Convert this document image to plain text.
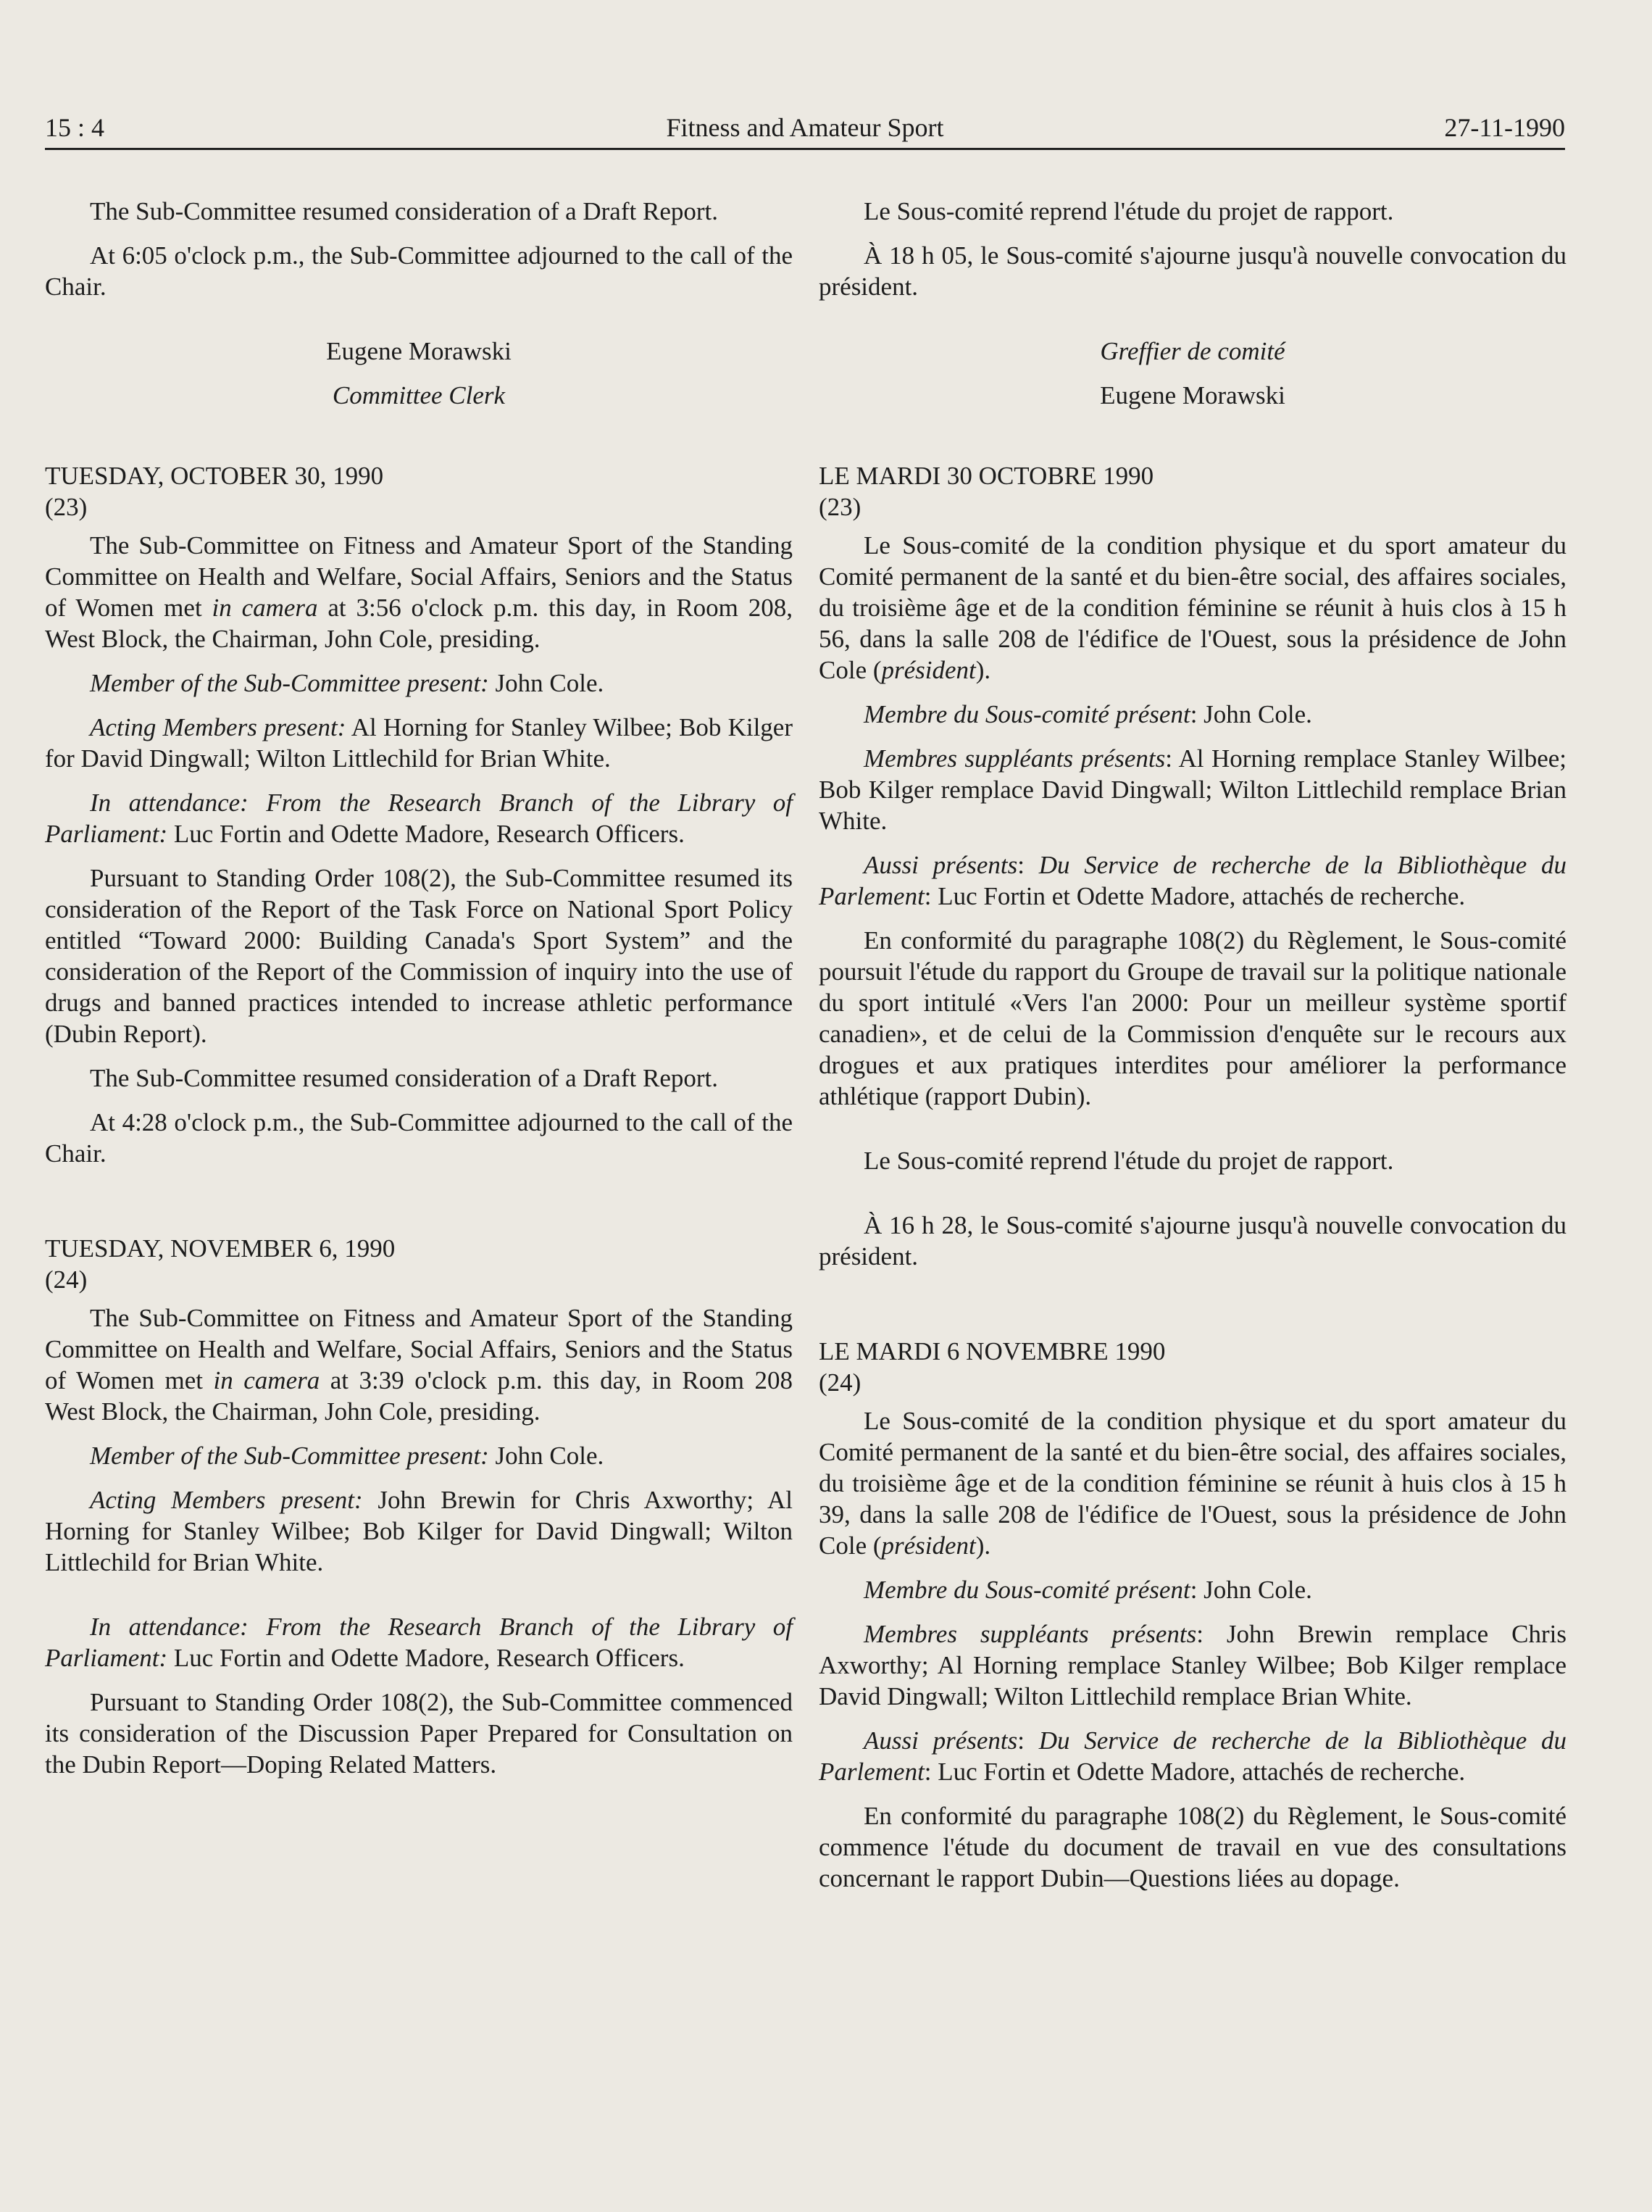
15 : 4	Fitness and Amateur Sport	27-11-1990

The Sub-Committee resumed consideration of a Draft Report.

At 6:05 o'clock p.m., the Sub-Committee adjourned to the call of the Chair.

Eugene Morawski

Committee Clerk

TUESDAY, OCTOBER 30, 1990

(23)

The Sub-Committee on Fitness and Amateur Sport of the Standing Committee on Health and Welfare, Social Affairs, Seniors and the Status of Women met in camera at 3:56 o'clock p.m. this day, in Room 208, West Block, the Chairman, John Cole, presiding.

Member of the Sub-Committee present: John Cole.

Acting Members present: Al Horning for Stanley Wilbee; Bob Kilger for David Dingwall; Wilton Littlechild for Brian White.

In attendance: From the Research Branch of the Library of Parliament: Luc Fortin and Odette Madore, Research Officers.

Pursuant to Standing Order 108(2), the Sub-Committee resumed its consideration of the Report of the Task Force on National Sport Policy entitled “Toward 2000: Building Canada's Sport System” and the consideration of the Report of the Commission of inquiry into the use of drugs and banned practices intended to increase athletic performance (Dubin Report).

The Sub-Committee resumed consideration of a Draft Report.

At 4:28 o'clock p.m., the Sub-Committee adjourned to the call of the Chair.

TUESDAY, NOVEMBER 6, 1990

(24)

The Sub-Committee on Fitness and Amateur Sport of the Standing Committee on Health and Welfare, Social Affairs, Seniors and the Status of Women met in camera at 3:39 o'clock p.m. this day, in Room 208 West Block, the Chairman, John Cole, presiding.

Member of the Sub-Committee present: John Cole.

Acting Members present: John Brewin for Chris Axworthy; Al Horning for Stanley Wilbee; Bob Kilger for David Dingwall; Wilton Littlechild for Brian White.

In attendance: From the Research Branch of the Library of Parliament: Luc Fortin and Odette Madore, Research Officers.

Pursuant to Standing Order 108(2), the Sub-Committee commenced its consideration of the Discussion Paper Prepared for Consultation on the Dubin Report—Doping Related Matters.

Le Sous-comité reprend l'étude du projet de rapport.

À 18 h 05, le Sous-comité s'ajourne jusqu'à nouvelle convocation du président.

Greffier de comité

Eugene Morawski

LE MARDI 30 OCTOBRE 1990

(23)

Le Sous-comité de la condition physique et du sport amateur du Comité permanent de la santé et du bien-être social, des affaires sociales, du troisième âge et de la condition féminine se réunit à huis clos à 15 h 56, dans la salle 208 de l'édifice de l'Ouest, sous la présidence de John Cole (président).

Membre du Sous-comité présent: John Cole.

Membres suppléants présents: Al Horning remplace Stanley Wilbee; Bob Kilger remplace David Dingwall; Wilton Littlechild remplace Brian White.

Aussi présents: Du Service de recherche de la Bibliothèque du Parlement: Luc Fortin et Odette Madore, attachés de recherche.

En conformité du paragraphe 108(2) du Règlement, le Sous-comité poursuit l'étude du rapport du Groupe de travail sur la politique nationale du sport intitulé «Vers l'an 2000: Pour un meilleur système sportif canadien», et de celui de la Commission d'enquête sur le recours aux drogues et aux pratiques interdites pour améliorer la performance athlétique (rapport Dubin).

Le Sous-comité reprend l'étude du projet de rapport.

À 16 h 28, le Sous-comité s'ajourne jusqu'à nouvelle convocation du président.

LE MARDI 6 NOVEMBRE 1990

(24)

Le Sous-comité de la condition physique et du sport amateur du Comité permanent de la santé et du bien-être social, des affaires sociales, du troisième âge et de la condition féminine se réunit à huis clos à 15 h 39, dans la salle 208 de l'édifice de l'Ouest, sous la présidence de John Cole (président).

Membre du Sous-comité présent: John Cole.

Membres suppléants présents: John Brewin remplace Chris Axworthy; Al Horning remplace Stanley Wilbee; Bob Kilger remplace David Dingwall; Wilton Littlechild remplace Brian White.

Aussi présents: Du Service de recherche de la Bibliothèque du Parlement: Luc Fortin et Odette Madore, attachés de recherche.

En conformité du paragraphe 108(2) du Règlement, le Sous-comité commence l'étude du document de travail en vue des consultations concernant le rapport Dubin—Questions liées au dopage.
